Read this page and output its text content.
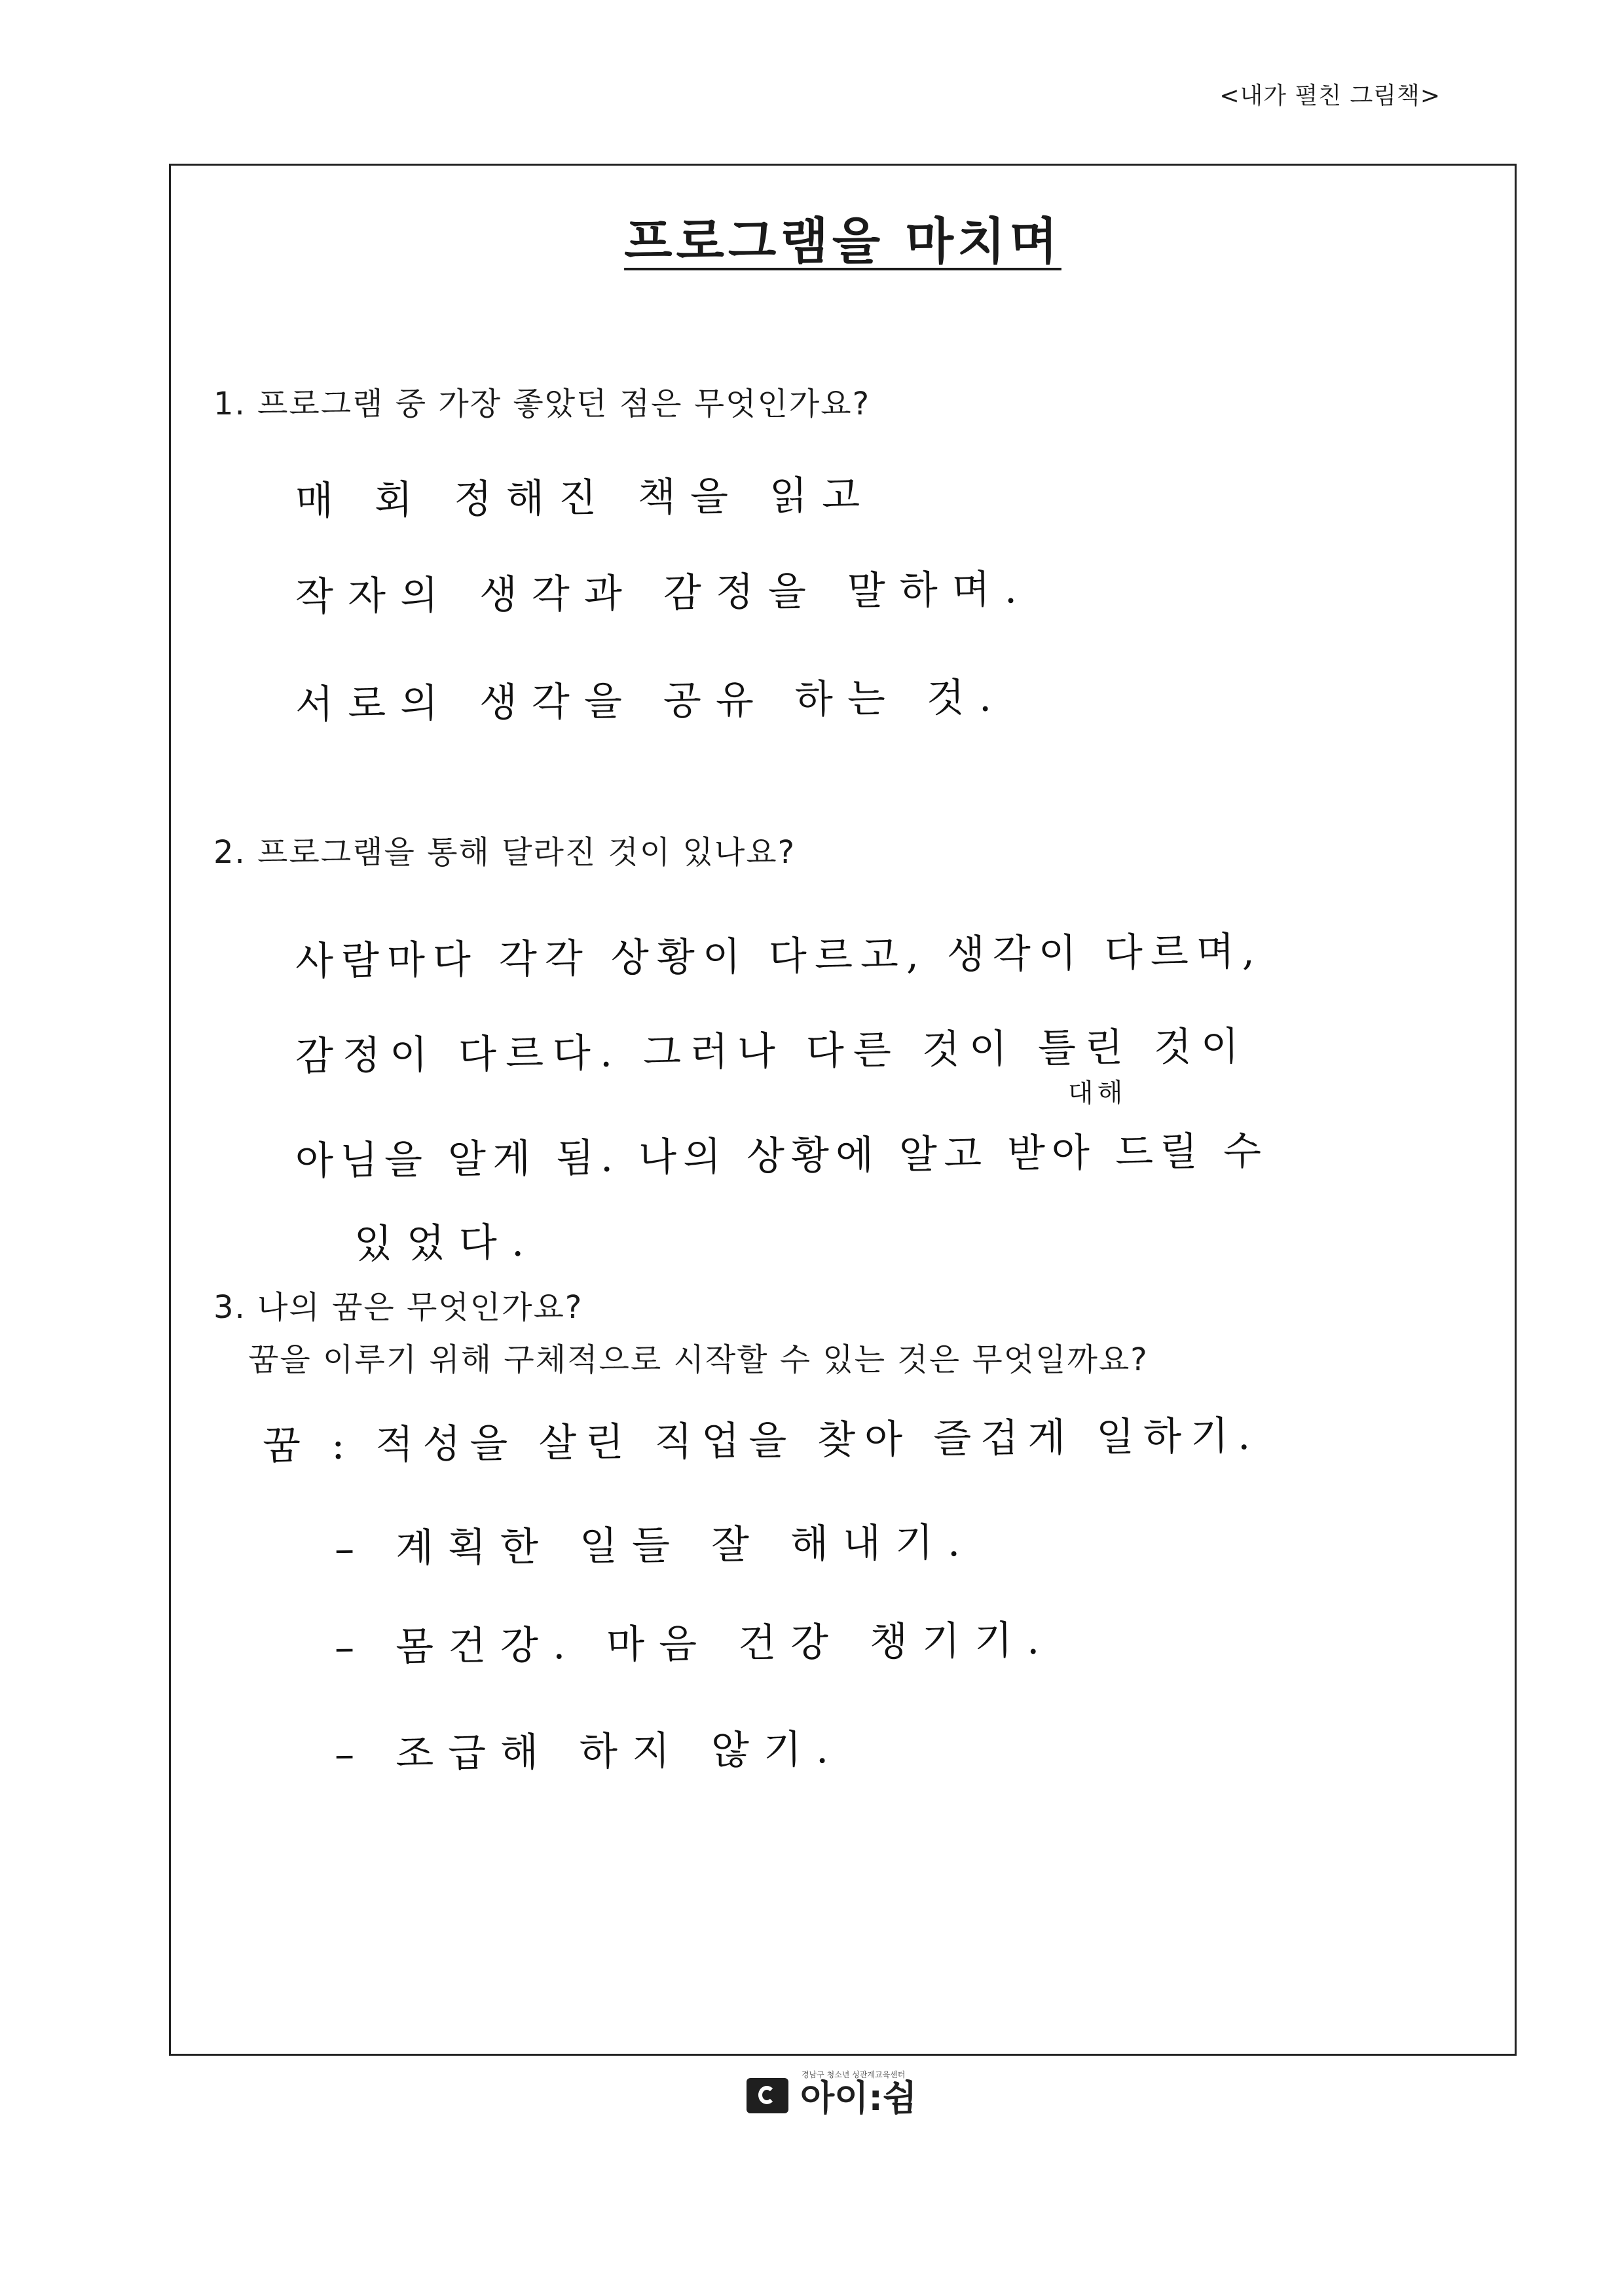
<내가 펼친 그림책>
프로그램을 마치며
1. 프로그램 중 가장 좋았던 점은 무엇인가요?
매 회 정해진 책을 읽고
작자의 생각과 감정을 말하며.
서로의 생각을 공유 하는 것.
2. 프로그램을 통해 달라진 것이 있나요?
사람마다 각각 상황이 다르고, 생각이 다르며,
감정이 다르다. 그러나 다른 것이 틀린 것이
대해
아님을 알게 됨. 나의 상황에 알고 받아 드릴 수
있었다.
3. 나의 꿈은 무엇인가요?
꿈을 이루기 위해 구체적으로 시작할 수 있는 것은 무엇일까요?
꿈 : 적성을 살린 직업을 찾아 즐겁게 일하기.
– 계획한 일들 잘 해내기.
– 몸건강. 마음 건강 챙기기.
– 조급해 하지 않기.
경남구 청소년 성관계교육센터
아이:쉼
